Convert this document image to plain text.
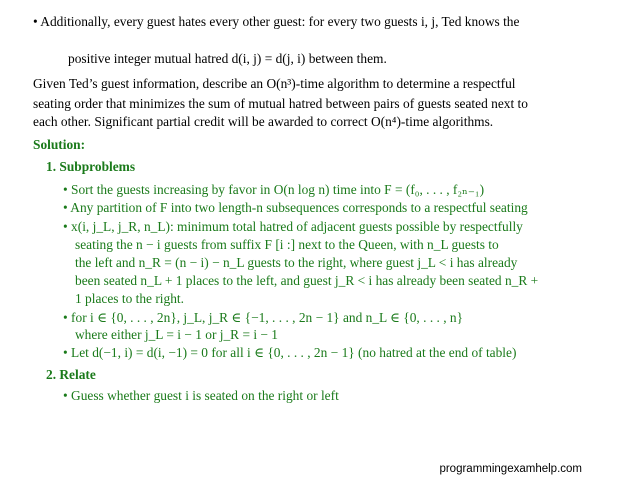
• Additionally, every guest hates every other guest: for every two guests i, j, Ted knows the
positive integer mutual hatred d(i, j) = d(j, i) between them.
Given Ted’s guest information, describe an O(n³)-time algorithm to determine a respectful
seating order that minimizes the sum of mutual hatred between pairs of guests seated next to
each other. Significant partial credit will be awarded to correct O(n⁴)-time algorithms.
Solution:
1. Subproblems
• Sort the guests increasing by favor in O(n log n) time into F = (f₀, . . . , f₂ₙ₋₁)
• Any partition of F into two length-n subsequences corresponds to a respectful seating
• x(i, j_L, j_R, n_L): minimum total hatred of adjacent guests possible by respectfully
seating the n − i guests from suffix F [i :] next to the Queen, with n_L guests to
the left and n_R = (n − i) − n_L guests to the right, where guest j_L < i has already
been seated n_L + 1 places to the left, and guest j_R < i has already been seated n_R +
1 places to the right.
• for i ∈ {0, . . . , 2n}, j_L, j_R ∈ {−1, . . . , 2n − 1} and n_L ∈ {0, . . . , n}
where either j_L = i − 1 or j_R = i − 1
• Let d(−1, i) = d(i, −1) = 0 for all i ∈ {0, . . . , 2n − 1} (no hatred at the end of table)
2. Relate
• Guess whether guest i is seated on the right or left
programmingexamhelp.com
